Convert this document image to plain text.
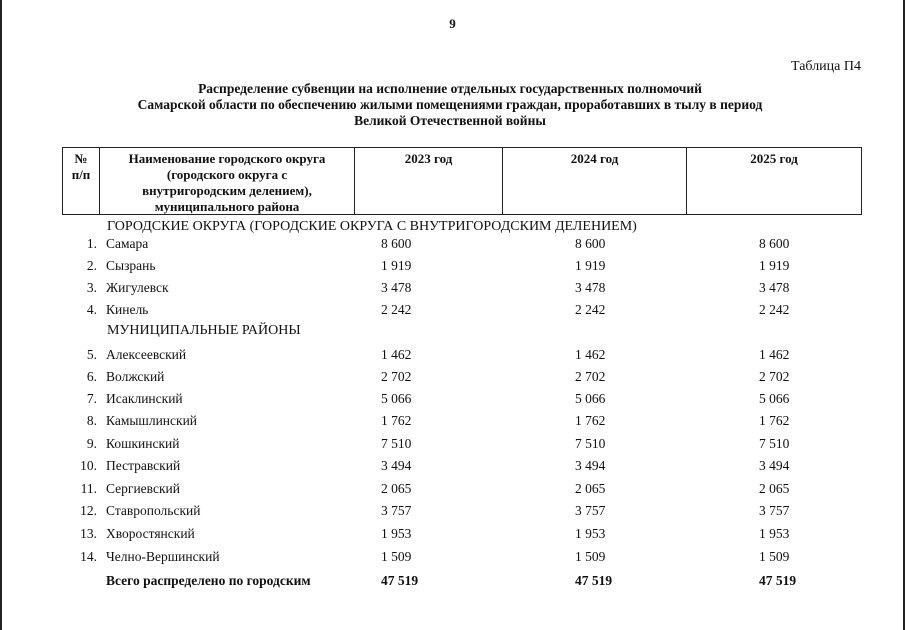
9
Таблица П4
Распределение субвенции на исполнение отдельных государственных полномочий
Самарской области по обеспечению жилыми помещениями граждан, проработавших в тылу в период
Великой Отечественной войны
№
п/п
Наименование городского округа
(городского округа с
внутригородским делением),
муниципального района
2023 год	2024 год	2025 год
ГОРОДСКИЕ ОКРУГА (ГОРОДСКИЕ ОКРУГА С ВНУТРИГОРОДСКИМ ДЕЛЕНИЕМ)
1. Самара	8 600	8 600	8 600
2. Сызрань	1 919	1 919	1 919
3. Жигулевск	3 478	3 478	3 478
4. Кинель	2 242	2 242	2 242
МУНИЦИПАЛЬНЫЕ РАЙОНЫ
5. Алексеевский	1 462	1 462	1 462
6. Волжский	2 702	2 702	2 702
7. Исаклинский	5 066	5 066	5 066
8. Камышлинский	1 762	1 762	1 762
9. Кошкинский	7 510	7 510	7 510
10. Пестравский	3 494	3 494	3 494
11. Сергиевский	2 065	2 065	2 065
12. Ставропольский	3 757	3 757	3 757
13. Хворостянский	1 953	1 953	1 953
14. Челно-Вершинский	1 509	1 509	1 509
Всего распределено по городским	47 519	47 519	47 519
